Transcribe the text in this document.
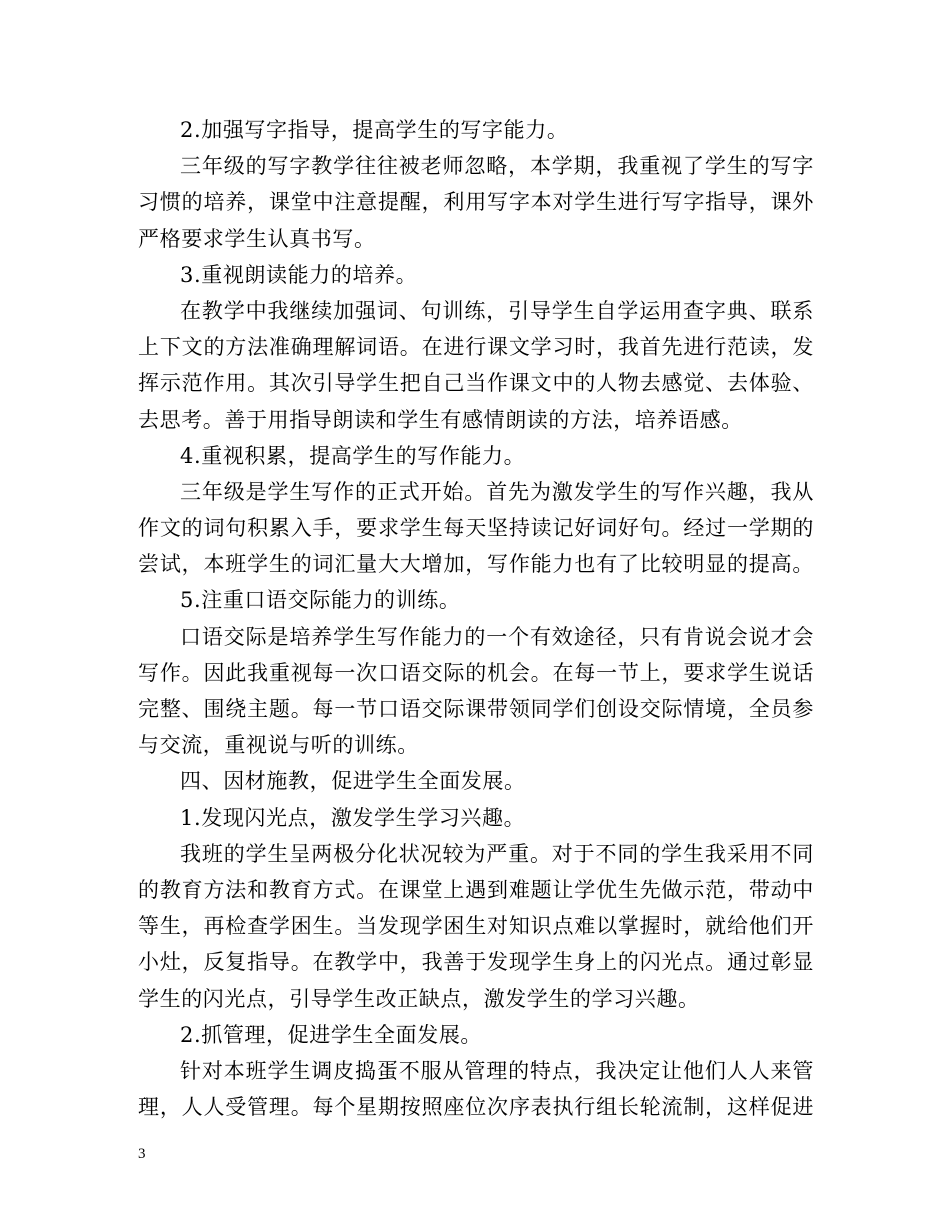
2.加强写字指导，提高学生的写字能力。
三年级的写字教学往往被老师忽略，本学期，我重视了学生的写字
习惯的培养，课堂中注意提醒，利用写字本对学生进行写字指导，课外
严格要求学生认真书写。
3.重视朗读能力的培养。
在教学中我继续加强词、句训练，引导学生自学运用查字典、联系
上下文的方法准确理解词语。在进行课文学习时，我首先进行范读，发
挥示范作用。其次引导学生把自己当作课文中的人物去感觉、去体验、
去思考。善于用指导朗读和学生有感情朗读的方法，培养语感。
4.重视积累，提高学生的写作能力。
三年级是学生写作的正式开始。首先为激发学生的写作兴趣，我从
作文的词句积累入手，要求学生每天坚持读记好词好句。经过一学期的
尝试，本班学生的词汇量大大增加，写作能力也有了比较明显的提高。
5.注重口语交际能力的训练。
口语交际是培养学生写作能力的一个有效途径，只有肯说会说才会
写作。因此我重视每一次口语交际的机会。在每一节上，要求学生说话
完整、围绕主题。每一节口语交际课带领同学们创设交际情境，全员参
与交流，重视说与听的训练。
四、因材施教，促进学生全面发展。
1.发现闪光点，激发学生学习兴趣。
我班的学生呈两极分化状况较为严重。对于不同的学生我采用不同
的教育方法和教育方式。在课堂上遇到难题让学优生先做示范，带动中
等生，再检查学困生。当发现学困生对知识点难以掌握时，就给他们开
小灶，反复指导。在教学中，我善于发现学生身上的闪光点。通过彰显
学生的闪光点，引导学生改正缺点，激发学生的学习兴趣。
2.抓管理，促进学生全面发展。
针对本班学生调皮捣蛋不服从管理的特点，我决定让他们人人来管
理，人人受管理。每个星期按照座位次序表执行组长轮流制，这样促进
3
